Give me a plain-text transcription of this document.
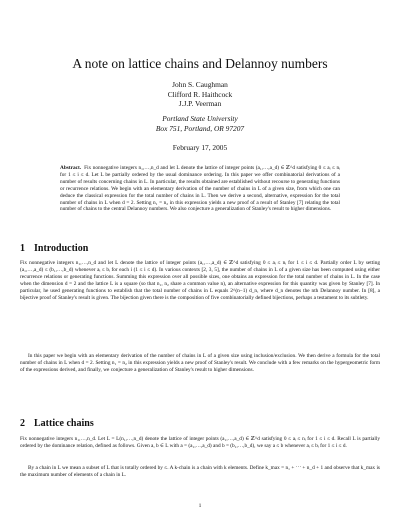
A note on lattice chains and Delannoy numbers
John S. Caughman
Clifford R. Haithcock
J.J.P. Veerman
Portland State University
Box 751, Portland, OR 97207
February 17, 2005

Abstract. Fix nonnegative integers n₁,…,n_d and let L denote the lattice of integer points (a₁,…,a_d) ∈ ℤ^d satisfying 0 ≤ aᵢ ≤ nᵢ for 1 ≤ i ≤ d. Let L be partially ordered by the usual dominance ordering. In this paper we offer combinatorial derivations of a number of results concerning chains in L. In particular, the results obtained are established without recourse to generating functions or recurrence relations. We begin with an elementary derivation of the number of chains in L of a given size, from which one can deduce the classical expression for the total number of chains in L. Then we derive a second, alternative, expression for the total number of chains in L when d = 2. Setting n₁ = n₂ in this expression yields a new proof of a result of Stanley [7] relating the total number of chains to the central Delannoy numbers. We also conjecture a generalization of Stanley's result to higher dimensions.

1 Introduction

Fix nonnegative integers n₁,…,n_d and let L denote the lattice of integer points (a₁,…,a_d) ∈ ℤ^d satisfying 0 ≤ aᵢ ≤ nᵢ for 1 ≤ i ≤ d. Partially order L by setting (a₁,…,a_d) ≤ (b₁,…,b_d) whenever aᵢ ≤ bᵢ for each i (1 ≤ i ≤ d). In various contexts [2, 3, 5], the number of chains in L of a given size has been computed using either recurrence relations or generating functions. Summing this expression over all possible sizes, one obtains an expression for the total number of chains in L. In the case when the dimension d = 2 and the lattice L is a square (so that n₁, n₂ share a common value n), an alternative expression for this quantity was given by Stanley [7]. In particular, he used generating functions to establish that the total number of chains in L equals 2^(n−1) d_n, where d_n denotes the nth Delannoy number. In [8], a bijective proof of Stanley's result is given. The bijection given there is the composition of five combinatorially defined bijections, perhaps a testament to its subtlety.

In this paper we begin with an elementary derivation of the number of chains in L of a given size using inclusion/exclusion. We then derive a formula for the total number of chains in L when d = 2. Setting n₁ = n₂ in this expression yields a new proof of Stanley's result. We conclude with a few remarks on the hypergeometric form of the expressions derived, and finally, we conjecture a generalization of Stanley's result to higher dimensions.

2 Lattice chains

Fix nonnegative integers n₁,…,n_d. Let L = L(n₁,…,n_d) denote the lattice of integer points (a₁,…,a_d) ∈ ℤ^d satisfying 0 ≤ aᵢ ≤ nᵢ for 1 ≤ i ≤ d. Recall L is partially ordered by the dominance relation, defined as follows. Given a, b ∈ L with a = (a₁,…,a_d) and b = (b₁,…,b_d), we say a ≤ b whenever aᵢ ≤ bᵢ for 1 ≤ i ≤ d.

By a chain in L we mean a subset of L that is totally ordered by ≤. A k-chain is a chain with k elements. Define k_max = n₁ + ⋯ + n_d + 1 and observe that k_max is the maximum number of elements of a chain in L.

1
